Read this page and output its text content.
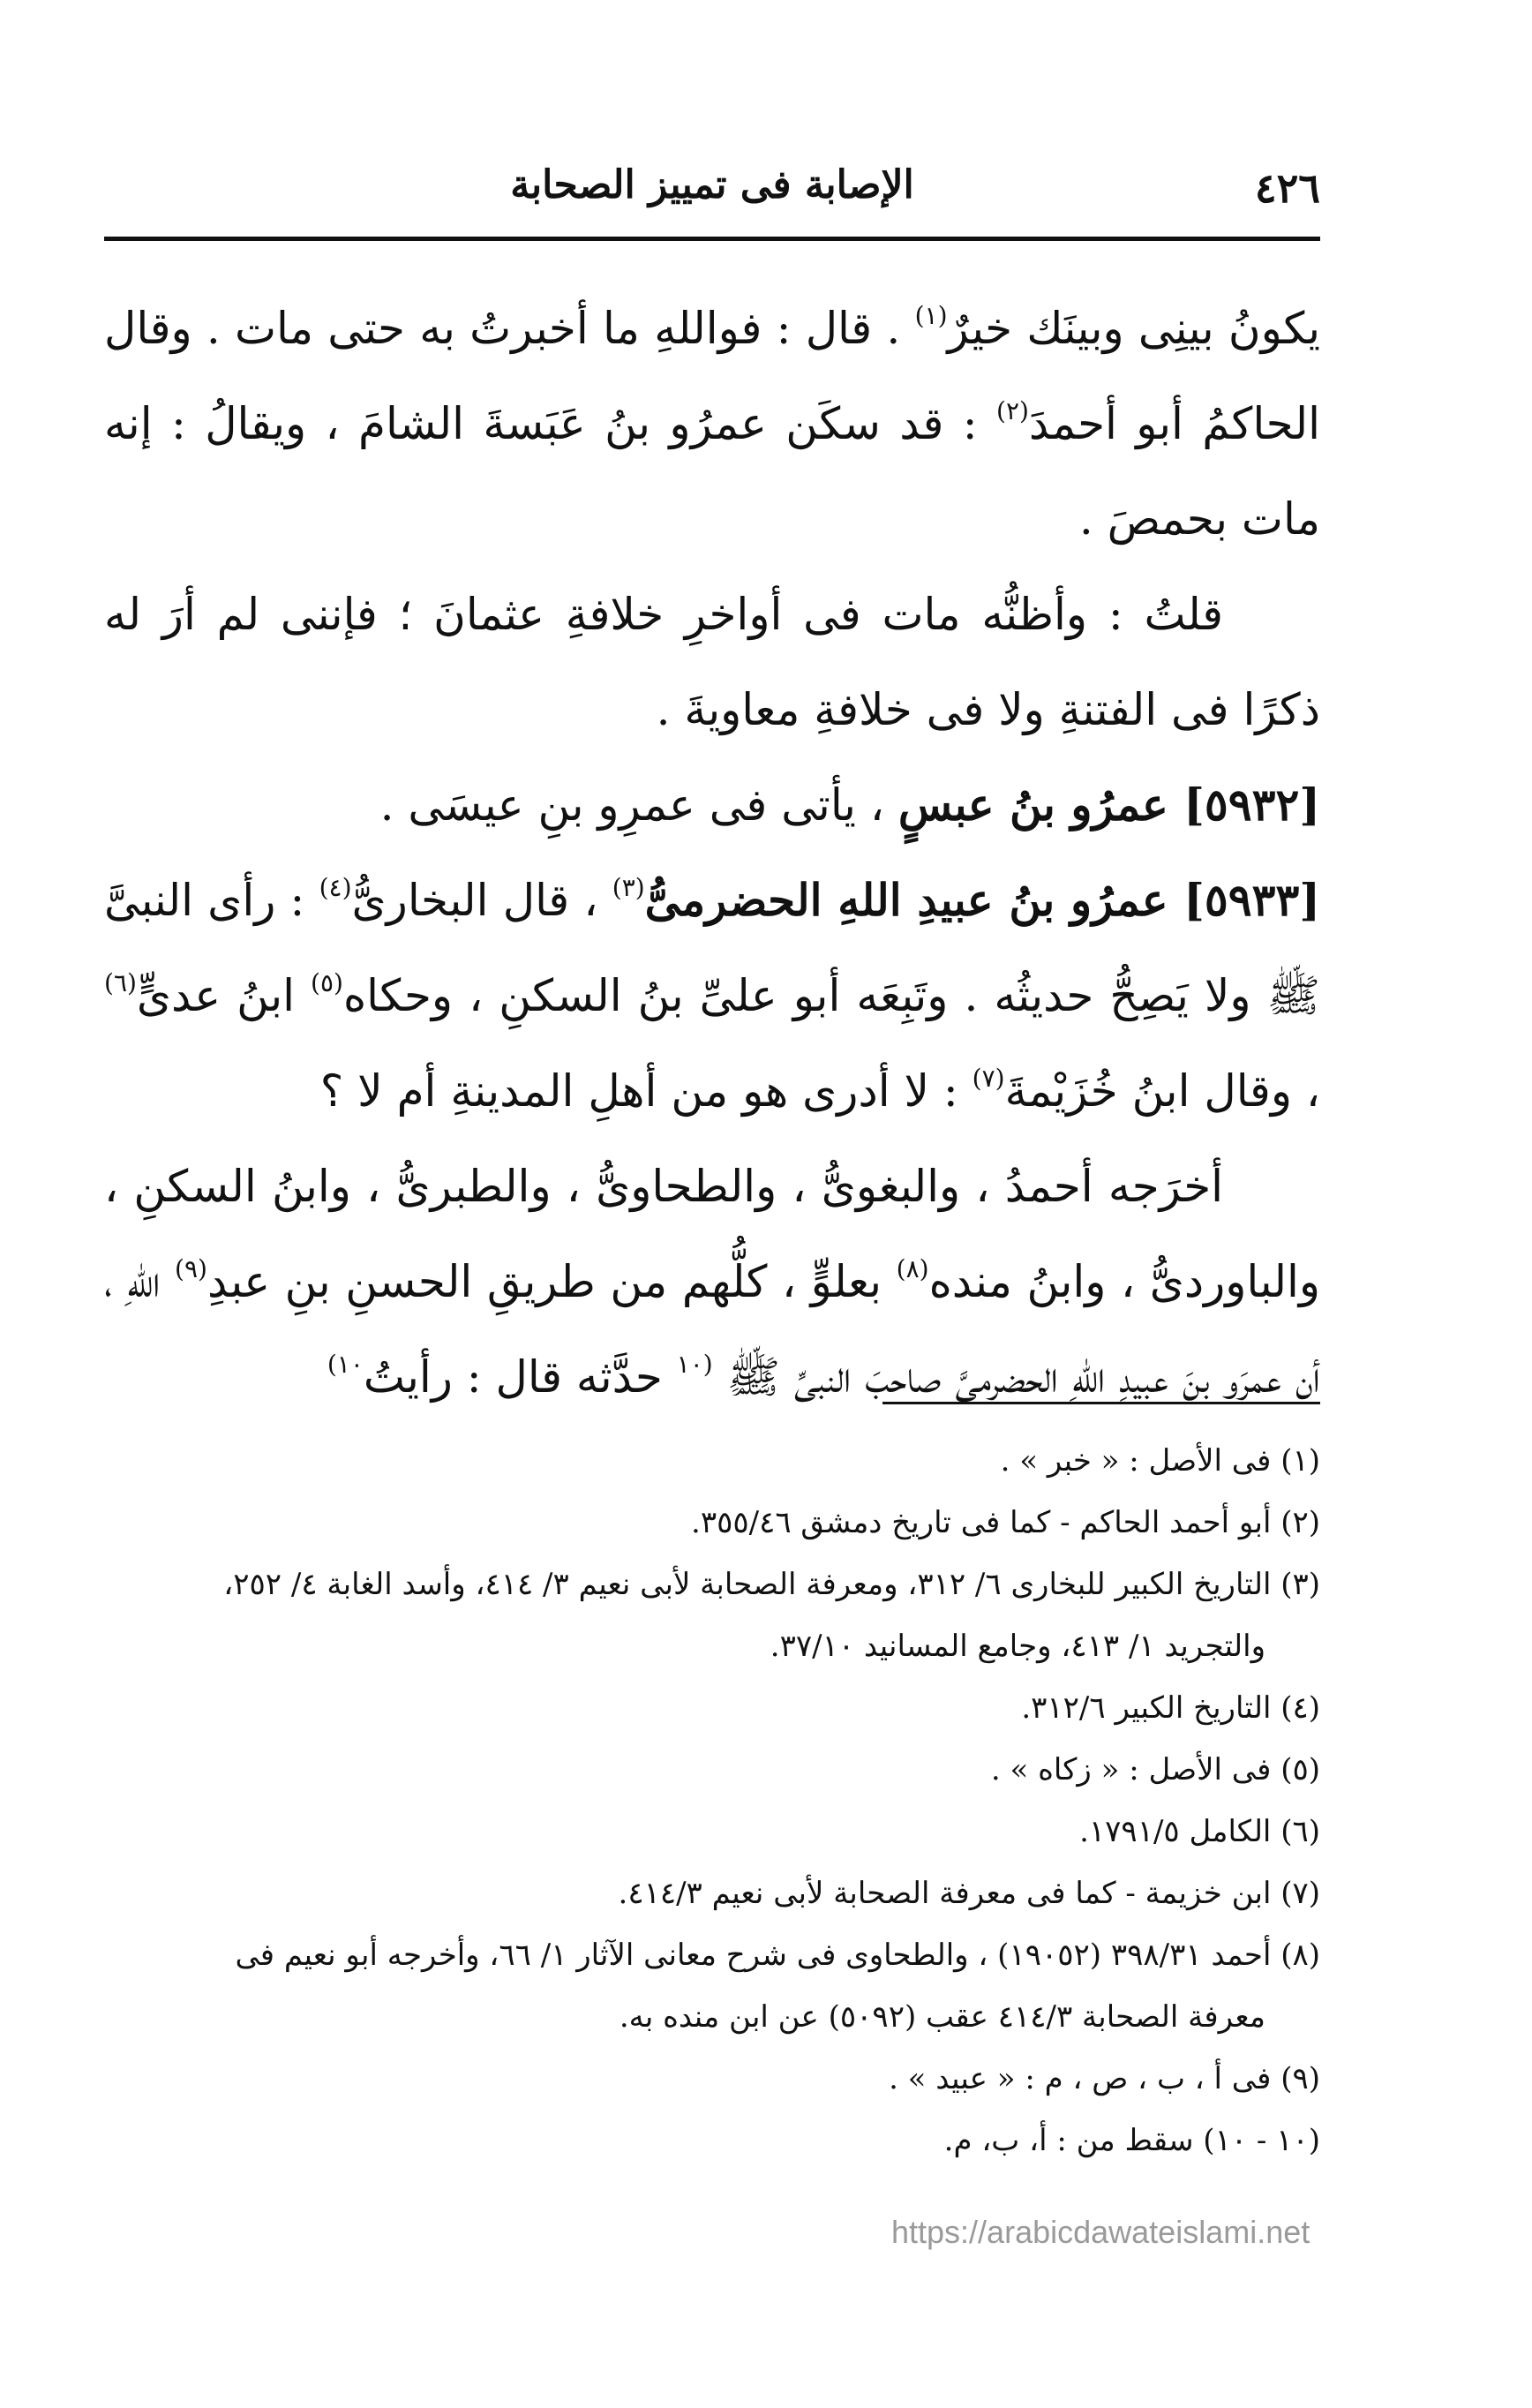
٤٢٦
الإصابة فى تمييز الصحابة

يكونُ بينِى وبينَك خيرٌ$^{(١)}$ . قال : فواللهِ ما أخبرتُ به حتى مات . وقال الحاكمُ أبو أحمدَ$^{(٢)}$ : قد سكَن عمرُو بنُ عَبَسةَ الشامَ ، ويقالُ : إنه مات بحمصَ .

قلتُ : وأظنُّه مات فى أواخرِ خلافةِ عثمانَ ؛ فإننى لم أرَ له ذكرًا فى الفتنةِ ولا فى خلافةِ معاويةَ .

[٥٩٣٢] عمرُو بنُ عبسٍ ، يأتى فى عمرِو بنِ عيسَى .

[٥٩٣٣] عمرُو بنُ عبيدِ اللهِ الحضرمىُّ$^{(٣)}$ ، قال البخارىُّ$^{(٤)}$ : رأى النبىَّ ﷺ ولا يَصِحُّ حديثُه . وتَبِعَه أبو علىِّ بنُ السكنِ ، وحكاه$^{(٥)}$ ابنُ عدىٍّ$^{(٦)}$ ، وقال ابنُ خُزَيْمةَ$^{(٧)}$ : لا أدرى هو من أهلِ المدينةِ أم لا ؟

أخرَجه أحمدُ ، والبغوىُّ ، والطحاوىُّ ، والطبرىُّ ، وابنُ السكنِ ، والباوردىُّ ، وابنُ منده$^{(٨)}$ بعلوٍّ ، كلُّهم من طريقِ الحسنِ بنِ عبدِ$^{(٩)}$ اللهِ ، أن عمرَو بنَ عبيدِ اللهِ الحضرمىَّ صاحبَ النبىِّ ﷺ $^{(١٠}$ حدَّثه قال : رأيتُ$^{١٠)}$

(١) فى الأصل : « خبر » .

(٢) أبو أحمد الحاكم - كما فى تاريخ دمشق ٣٥٥/٤٦.

(٣) التاريخ الكبير للبخارى ٦/ ٣١٢، ومعرفة الصحابة لأبى نعيم ٣/ ٤١٤، وأسد الغابة ٤/ ٢٥٢،

والتجريد ١/ ٤١٣، وجامع المسانيد ٣٧/١٠.

(٤) التاريخ الكبير ٣١٢/٦.

(٥) فى الأصل : « زكاه » .

(٦) الكامل ١٧٩١/٥.

(٧) ابن خزيمة - كما فى معرفة الصحابة لأبى نعيم ٤١٤/٣.

(٨) أحمد ٣٩٨/٣١ (١٩٠٥٢) ، والطحاوى فى شرح معانى الآثار ١/ ٦٦، وأخرجه أبو نعيم فى

معرفة الصحابة ٤١٤/٣ عقب (٥٠٩٢) عن ابن منده به.

(٩) فى أ ، ب ، ص ، م : « عبيد » .

(١٠ - ١٠) سقط من : أ، ب، م.

https://arabicdawateislami.net
